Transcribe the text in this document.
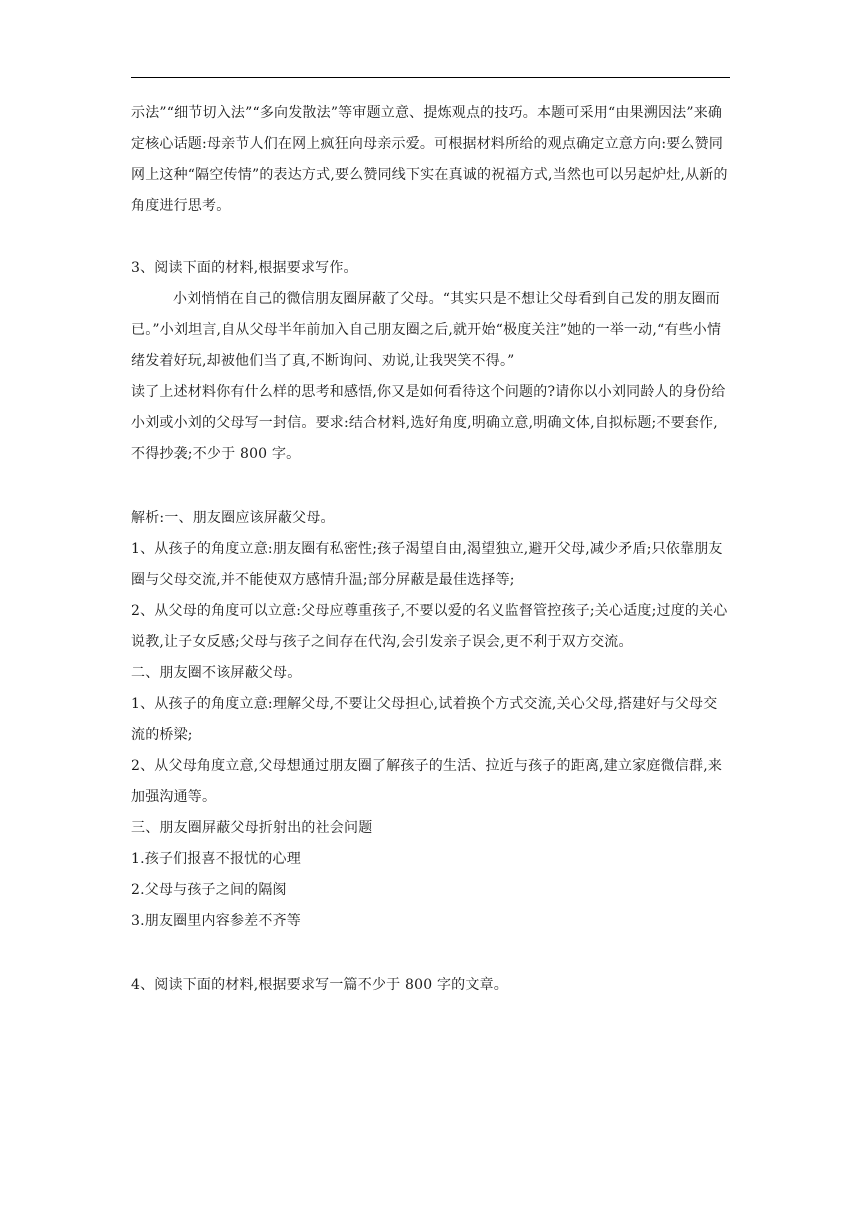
示法”“细节切入法”“多向发散法”等审题立意、提炼观点的技巧。本题可采用“由果溯因法”来确定核心话题:母亲节人们在网上疯狂向母亲示爱。可根据材料所给的观点确定立意方向:要么赞同网上这种“隔空传情”的表达方式,要么赞同线下实在真诚的祝福方式,当然也可以另起炉灶,从新的角度进行思考。

3、阅读下面的材料,根据要求写作。

小刘悄悄在自己的微信朋友圈屏蔽了父母。“其实只是不想让父母看到自己发的朋友圈而已。”小刘坦言,自从父母半年前加入自己朋友圈之后,就开始“极度关注”她的一举一动,“有些小情绪发着好玩,却被他们当了真,不断询问、劝说,让我哭笑不得。”

读了上述材料你有什么样的思考和感悟,你又是如何看待这个问题的?请你以小刘同龄人的身份给小刘或小刘的父母写一封信。要求:结合材料,选好角度,明确立意,明确文体,自拟标题;不要套作,不得抄袭;不少于 800 字。

解析:一、朋友圈应该屏蔽父母。

1、从孩子的角度立意:朋友圈有私密性;孩子渴望自由,渴望独立,避开父母,减少矛盾;只依靠朋友圈与父母交流,并不能使双方感情升温;部分屏蔽是最佳选择等;

2、从父母的角度可以立意:父母应尊重孩子,不要以爱的名义监督管控孩子;关心适度;过度的关心说教,让子女反感;父母与孩子之间存在代沟,会引发亲子误会,更不利于双方交流。

二、朋友圈不该屏蔽父母。

1、从孩子的角度立意:理解父母,不要让父母担心,试着换个方式交流,关心父母,搭建好与父母交流的桥梁;

2、从父母角度立意,父母想通过朋友圈了解孩子的生活、拉近与孩子的距离,建立家庭微信群,来加强沟通等。

三、朋友圈屏蔽父母折射出的社会问题

1.孩子们报喜不报忧的心理

2.父母与孩子之间的隔阂

3.朋友圈里内容参差不齐等

4、阅读下面的材料,根据要求写一篇不少于 800 字的文章。
